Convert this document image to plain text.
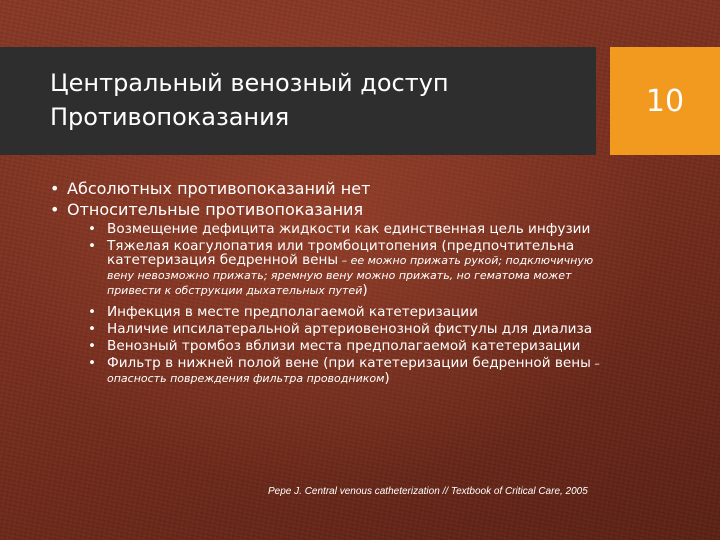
Центральный венозный доступ
Противопоказания	10
• Абсолютных противопоказаний нет
• Относительные противопоказания
• Возмещение дефицита жидкости как единственная цель инфузии
• Тяжелая коагулопатия или тромбоцитопения (предпочтительна катетеризация бедренной вены – ее можно прижать рукой; подключичную вену невозможно прижать; яремную вену можно прижать, но гематома может привести к обструкции дыхательных путей)
• Инфекция в месте предполагаемой катетеризации
• Наличие ипсилатеральной артериовенозной фистулы для диализа
• Венозный тромбоз вблизи места предполагаемой катетеризации
• Фильтр в нижней полой вене (при катетеризации бедренной вены – опасность повреждения фильтра проводником)
Pepe J. Central venous catheterization // Textbook of Critical Care, 2005
